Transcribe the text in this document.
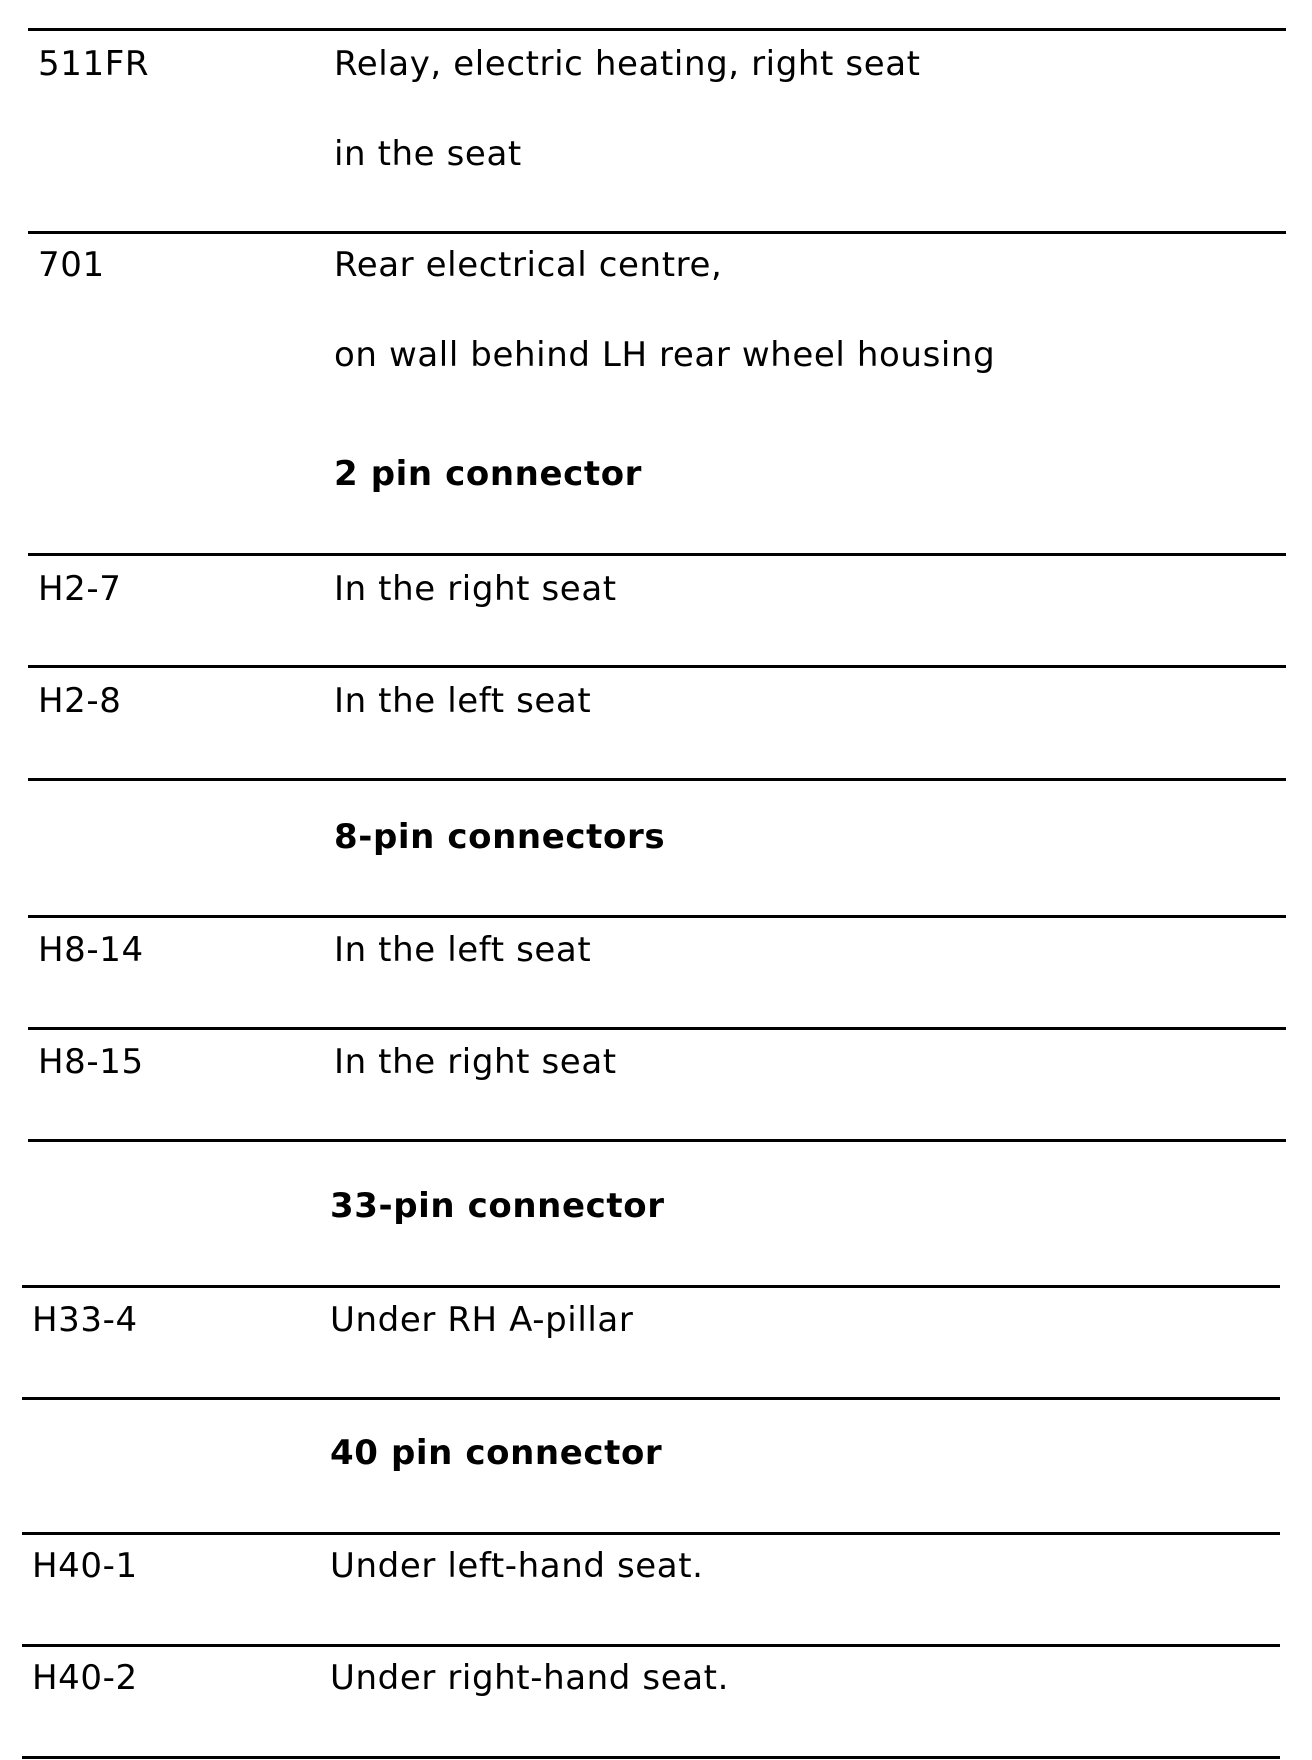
511FR	Relay, electric heating, right seat
in the seat
701	Rear electrical centre,
on wall behind LH rear wheel housing
2 pin connector
H2-7	In the right seat
H2-8	In the left seat
8-pin connectors
H8-14	In the left seat
H8-15	In the right seat
33-pin connector
H33-4	Under RH A-pillar
40 pin connector
H40-1	Under left-hand seat.
H40-2	Under right-hand seat.
